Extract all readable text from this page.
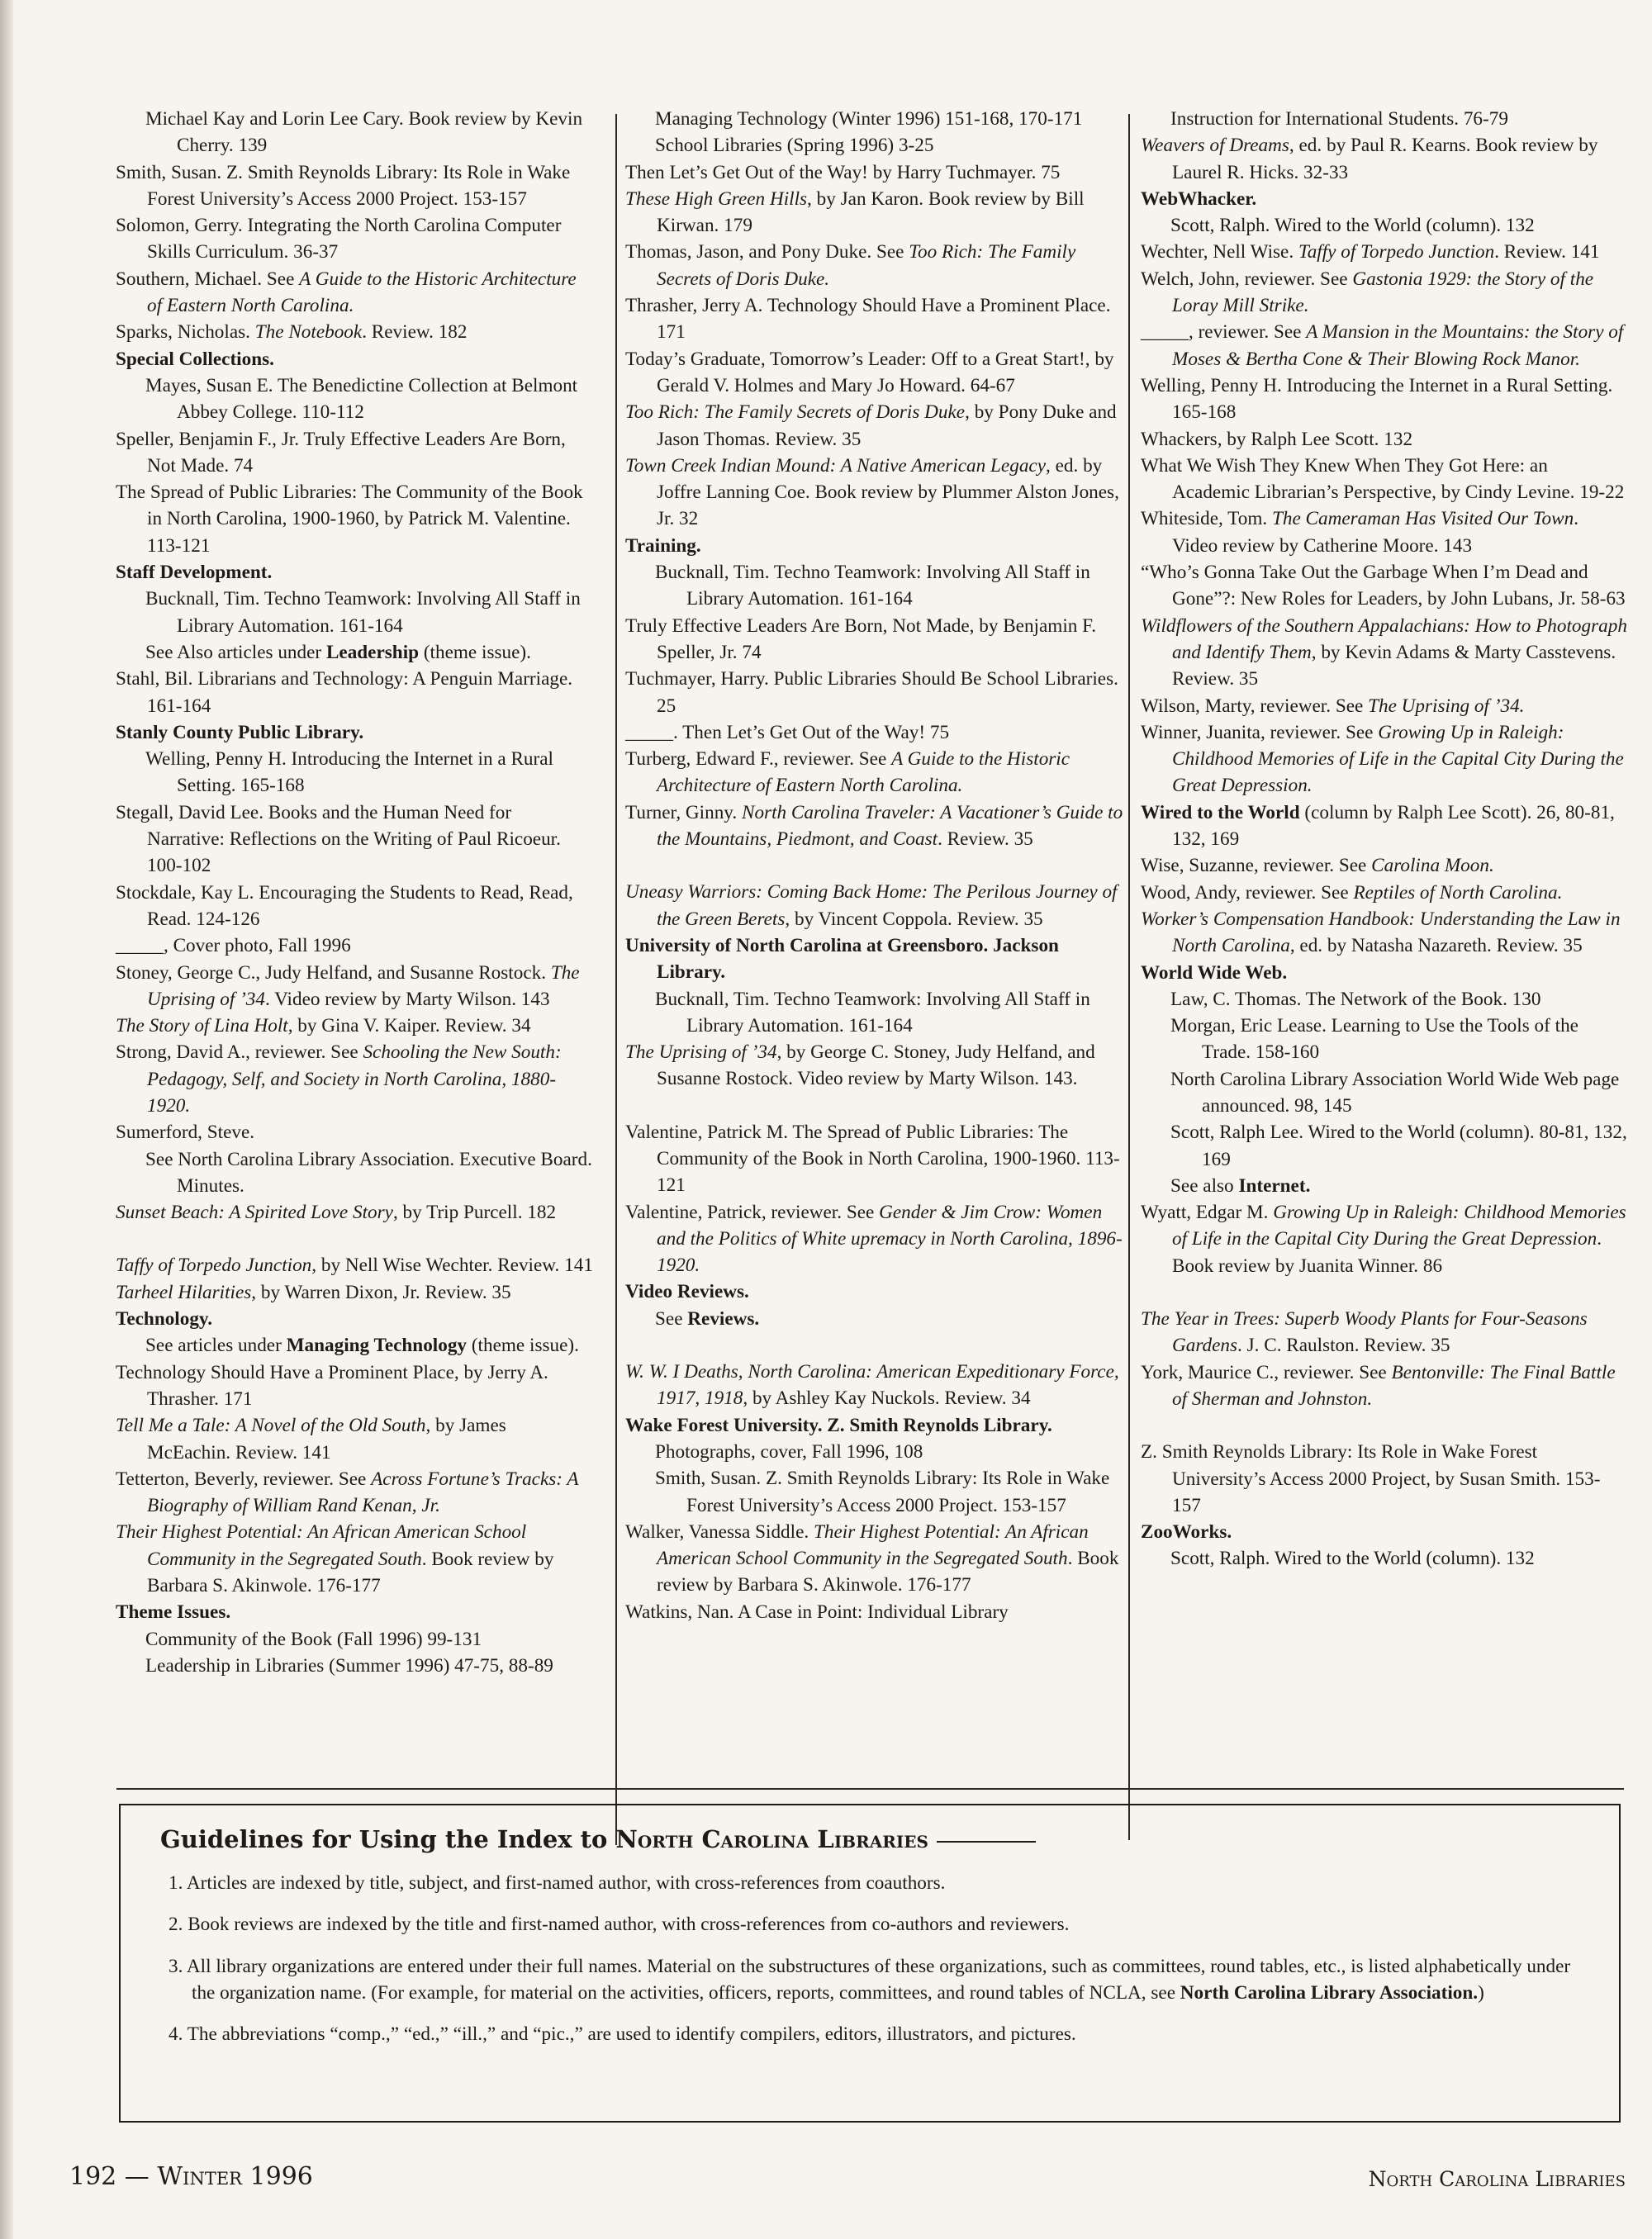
Michael Kay and Lorin Lee Cary. Book review by Kevin Cherry. 139

Smith, Susan. Z. Smith Reynolds Library: Its Role in Wake Forest University’s Access 2000 Project. 153-157

Solomon, Gerry. Integrating the North Carolina Computer Skills Curriculum. 36-37

Southern, Michael. See A Guide to the Historic Architecture of Eastern North Carolina.

Sparks, Nicholas. The Notebook. Review. 182

Special Collections.

Mayes, Susan E. The Benedictine Collection at Belmont Abbey College. 110-112

Speller, Benjamin F., Jr. Truly Effective Leaders Are Born, Not Made. 74

The Spread of Public Libraries: The Community of the Book in North Carolina, 1900-1960, by Patrick M. Valentine. 113-121

Staff Development.

Bucknall, Tim. Techno Teamwork: Involving All Staff in Library Automation. 161-164

See Also articles under Leadership (theme issue).

Stahl, Bil. Librarians and Technology: A Penguin Marriage. 161-164

Stanly County Public Library.

Welling, Penny H. Introducing the Internet in a Rural Setting. 165-168

Stegall, David Lee. Books and the Human Need for Narrative: Reflections on the Writing of Paul Ricoeur. 100-102

Stockdale, Kay L. Encouraging the Students to Read, Read, Read. 124-126

_____, Cover photo, Fall 1996

Stoney, George C., Judy Helfand, and Susanne Rostock. The Uprising of ’34. Video review by Marty Wilson. 143

The Story of Lina Holt, by Gina V. Kaiper. Review. 34

Strong, David A., reviewer. See Schooling the New South: Pedagogy, Self, and Society in North Carolina, 1880-1920.

Sumerford, Steve.

See North Carolina Library Association. Executive Board. Minutes.

Sunset Beach: A Spirited Love Story, by Trip Purcell. 182

Taffy of Torpedo Junction, by Nell Wise Wechter. Review. 141

Tarheel Hilarities, by Warren Dixon, Jr. Review. 35

Technology.

See articles under Managing Technology (theme issue).

Technology Should Have a Prominent Place, by Jerry A. Thrasher. 171

Tell Me a Tale: A Novel of the Old South, by James McEachin. Review. 141

Tetterton, Beverly, reviewer. See Across Fortune’s Tracks: A Biography of William Rand Kenan, Jr.

Their Highest Potential: An African American School Community in the Segregated South. Book review by Barbara S. Akinwole. 176-177

Theme Issues.

Community of the Book (Fall 1996) 99-131

Leadership in Libraries (Summer 1996) 47-75, 88-89

Managing Technology (Winter 1996) 151-168, 170-171

School Libraries (Spring 1996) 3-25

Then Let’s Get Out of the Way! by Harry Tuchmayer. 75

These High Green Hills, by Jan Karon. Book review by Bill Kirwan. 179

Thomas, Jason, and Pony Duke. See Too Rich: The Family Secrets of Doris Duke.

Thrasher, Jerry A. Technology Should Have a Prominent Place. 171

Today’s Graduate, Tomorrow’s Leader: Off to a Great Start!, by Gerald V. Holmes and Mary Jo Howard. 64-67

Too Rich: The Family Secrets of Doris Duke, by Pony Duke and Jason Thomas. Review. 35

Town Creek Indian Mound: A Native American Legacy, ed. by Joffre Lanning Coe. Book review by Plummer Alston Jones, Jr. 32

Training.

Bucknall, Tim. Techno Teamwork: Involving All Staff in Library Automation. 161-164

Truly Effective Leaders Are Born, Not Made, by Benjamin F. Speller, Jr. 74

Tuchmayer, Harry. Public Libraries Should Be School Libraries. 25

_____. Then Let’s Get Out of the Way! 75

Turberg, Edward F., reviewer. See A Guide to the Historic Architecture of Eastern North Carolina.

Turner, Ginny. North Carolina Traveler: A Vacationer’s Guide to the Mountains, Piedmont, and Coast. Review. 35

Uneasy Warriors: Coming Back Home: The Perilous Journey of the Green Berets, by Vincent Coppola. Review. 35

University of North Carolina at Greensboro. Jackson Library.

Bucknall, Tim. Techno Teamwork: Involving All Staff in Library Automation. 161-164

The Uprising of ’34, by George C. Stoney, Judy Helfand, and Susanne Rostock. Video review by Marty Wilson. 143.

Valentine, Patrick M. The Spread of Public Libraries: The Community of the Book in North Carolina, 1900-1960. 113-121

Valentine, Patrick, reviewer. See Gender & Jim Crow: Women and the Politics of White upremacy in North Carolina, 1896-1920.

Video Reviews.

See Reviews.

W. W. I Deaths, North Carolina: American Expeditionary Force, 1917, 1918, by Ashley Kay Nuckols. Review. 34

Wake Forest University. Z. Smith Reynolds Library.

Photographs, cover, Fall 1996, 108

Smith, Susan. Z. Smith Reynolds Library: Its Role in Wake Forest University’s Access 2000 Project. 153-157

Walker, Vanessa Siddle. Their Highest Potential: An African American School Community in the Segregated South. Book review by Barbara S. Akinwole. 176-177

Watkins, Nan. A Case in Point: Individual Library

Instruction for International Students. 76-79

Weavers of Dreams, ed. by Paul R. Kearns. Book review by Laurel R. Hicks. 32-33

WebWhacker.

Scott, Ralph. Wired to the World (column). 132

Wechter, Nell Wise. Taffy of Torpedo Junction. Review. 141

Welch, John, reviewer. See Gastonia 1929: the Story of the Loray Mill Strike.

_____, reviewer. See A Mansion in the Mountains: the Story of Moses & Bertha Cone & Their Blowing Rock Manor.

Welling, Penny H. Introducing the Internet in a Rural Setting. 165-168

Whackers, by Ralph Lee Scott. 132

What We Wish They Knew When They Got Here: an Academic Librarian’s Perspective, by Cindy Levine. 19-22

Whiteside, Tom. The Cameraman Has Visited Our Town. Video review by Catherine Moore. 143

“Who’s Gonna Take Out the Garbage When I’m Dead and Gone”?: New Roles for Leaders, by John Lubans, Jr. 58-63

Wildflowers of the Southern Appalachians: How to Photograph and Identify Them, by Kevin Adams & Marty Casstevens. Review. 35

Wilson, Marty, reviewer. See The Uprising of ’34.

Winner, Juanita, reviewer. See Growing Up in Raleigh: Childhood Memories of Life in the Capital City During the Great Depression.

Wired to the World (column by Ralph Lee Scott). 26, 80-81, 132, 169

Wise, Suzanne, reviewer. See Carolina Moon.

Wood, Andy, reviewer. See Reptiles of North Carolina.

Worker’s Compensation Handbook: Understanding the Law in North Carolina, ed. by Natasha Nazareth. Review. 35

World Wide Web.

Law, C. Thomas. The Network of the Book. 130

Morgan, Eric Lease. Learning to Use the Tools of the Trade. 158-160

North Carolina Library Association World Wide Web page announced. 98, 145

Scott, Ralph Lee. Wired to the World (column). 80-81, 132, 169

See also Internet.

Wyatt, Edgar M. Growing Up in Raleigh: Childhood Memories of Life in the Capital City During the Great Depression. Book review by Juanita Winner. 86

The Year in Trees: Superb Woody Plants for Four-Seasons Gardens. J. C. Raulston. Review. 35

York, Maurice C., reviewer. See Bentonville: The Final Battle of Sherman and Johnston.

Z. Smith Reynolds Library: Its Role in Wake Forest University’s Access 2000 Project, by Susan Smith. 153-157

ZooWorks.

Scott, Ralph. Wired to the World (column). 132

Guidelines for Using the Index to North Carolina Libraries
1. Articles are indexed by title, subject, and first-named author, with cross-references from coauthors.
2. Book reviews are indexed by the title and first-named author, with cross-references from co-authors and reviewers.
3. All library organizations are entered under their full names. Material on the substructures of these organizations, such as committees, round tables, etc., is listed alphabetically under the organization name. (For example, for material on the activities, officers, reports, committees, and round tables of NCLA, see North Carolina Library Association.)
4. The abbreviations “comp.,” “ed.,” “ill.,” and “pic.,” are used to identify compilers, editors, illustrators, and pictures.
192 — Winter 1996	North Carolina Libraries
